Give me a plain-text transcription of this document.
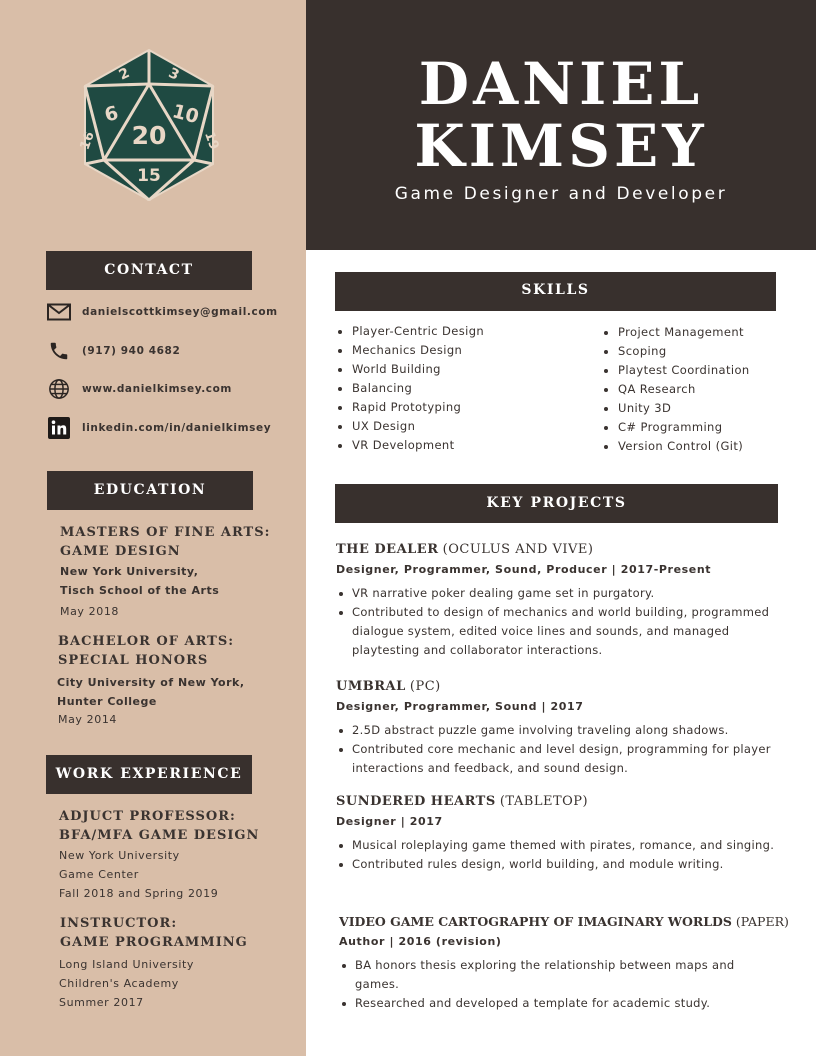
2 3
6
20
10
15
16	19
DANIEL
KIMSEY
Game Designer and Developer
CONTACT
danielscottkimsey@gmail.com
(917) 940 4682
www.danielkimsey.com
linkedin.com/in/danielkimsey
EDUCATION
MASTERS OF FINE ARTS:
GAME DESIGN
New York University,
Tisch School of the Arts
May 2018
BACHELOR OF ARTS:
SPECIAL HONORS
City University of New York,
Hunter College
May 2014
WORK EXPERIENCE
ADJUCT PROFESSOR:
BFA/MFA GAME DESIGN
New York University
Game Center
Fall 2018 and Spring 2019
INSTRUCTOR:
GAME PROGRAMMING
Long Island University
Children's Academy
Summer 2017
SKILLS
Player-Centric Design
Mechanics Design
World Building
Balancing
Rapid Prototyping
UX Design
VR Development
Project Management
Scoping
Playtest Coordination
QA Research
Unity 3D
C# Programming
Version Control (Git)
KEY PROJECTS
THE DEALER (OCULUS AND VIVE)
Designer, Programmer, Sound, Producer | 2017-Present
VR narrative poker dealing game set in purgatory.
Contributed to design of mechanics and world building, programmed dialogue system, edited voice lines and sounds, and managed playtesting and collaborator interactions.
UMBRAL (PC)
Designer, Programmer, Sound | 2017
2.5D abstract puzzle game involving traveling along shadows.
Contributed core mechanic and level design, programming for player interactions and feedback, and sound design.
SUNDERED HEARTS (TABLETOP)
Designer | 2017
Musical roleplaying game themed with pirates, romance, and singing.
Contributed rules design, world building, and module writing.
VIDEO GAME CARTOGRAPHY OF IMAGINARY WORLDS (PAPER)
Author | 2016 (revision)
BA honors thesis exploring the relationship between maps and games.
Researched and developed a template for academic study.
